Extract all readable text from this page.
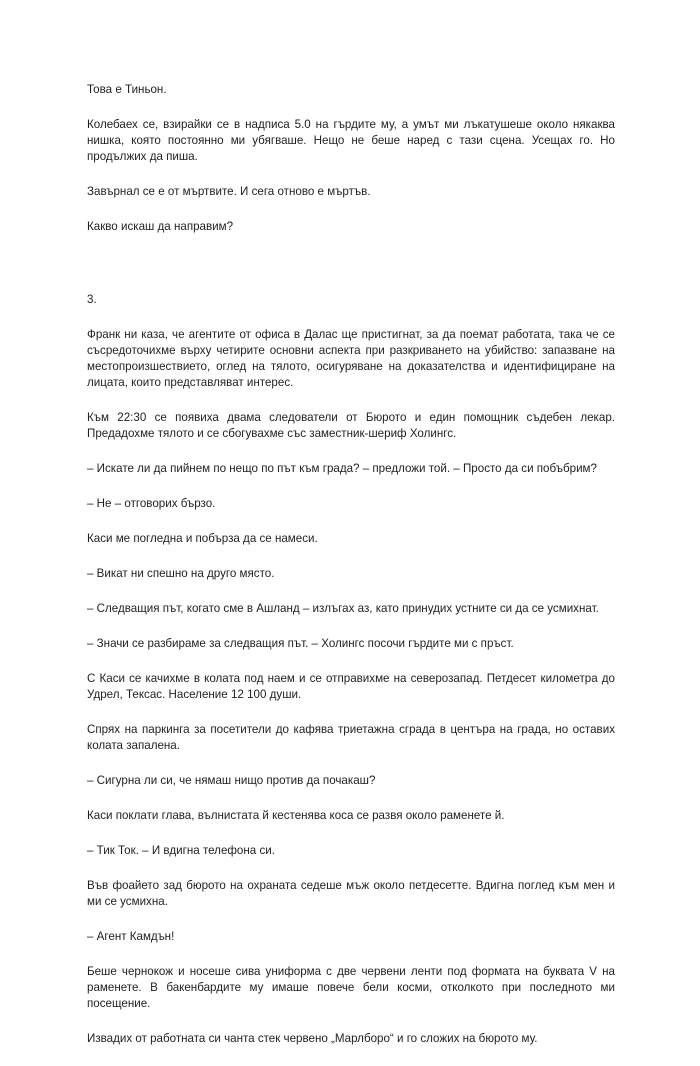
Това е Тиньон.

Колебаех се, взирайки се в надписа 5.0 на гърдите му, а умът ми лъкатушеше около някаква нишка, която постоянно ми убягваше. Нещо не беше наред с тази сцена. Усещах го. Но продължих да пиша.

Завърнал се е от мъртвите. И сега отново е мъртъв.

Какво искаш да направим?

3.

Франк ни каза, че агентите от офиса в Далас ще пристигнат, за да поемат работата, така че се съсредоточихме върху четирите основни аспекта при разкриването на убийство: запазване на местопроизшествието, оглед на тялото, осигуряване на доказателства и идентифициране на лицата, които представляват интерес.

Към 22:30 се появиха двама следователи от Бюрото и един помощник съдебен лекар. Предадохме тялото и се сбогувахме със заместник-шериф Холингс.

– Искате ли да пийнем по нещо по път към града? – предложи той. – Просто да си побъбрим?

– Не – отговорих бързо.

Каси ме погледна и побърза да се намеси.

– Викат ни спешно на друго място.

– Следващия път, когато сме в Ашланд – излъгах аз, като принудих устните си да се усмихнат.

– Значи се разбираме за следващия път. – Холингс посочи гърдите ми с пръст.

С Каси се качихме в колата под наем и се отправихме на северозапад. Петдесет километра до Удрел, Тексас. Население 12 100 души.

Спрях на паркинга за посетители до кафява триетажна сграда в центъра на града, но оставих колата запалена.

– Сигурна ли си, че нямаш нищо против да почакаш?

Каси поклати глава, вълнистата й кестенява коса се развя около раменете й.

– Тик Ток. – И вдигна телефона си.

Във фоайето зад бюрото на охраната седеше мъж около петдесетте. Вдигна поглед към мен и ми се усмихна.

– Агент Камдън!

Беше чернокож и носеше сива униформа с две червени ленти под формата на буквата V на раменете. В бакенбардите му имаше повече бели косми, отколкото при последното ми посещение.

Извадих от работната си чанта стек червено „Марлборо“ и го сложих на бюрото му.
